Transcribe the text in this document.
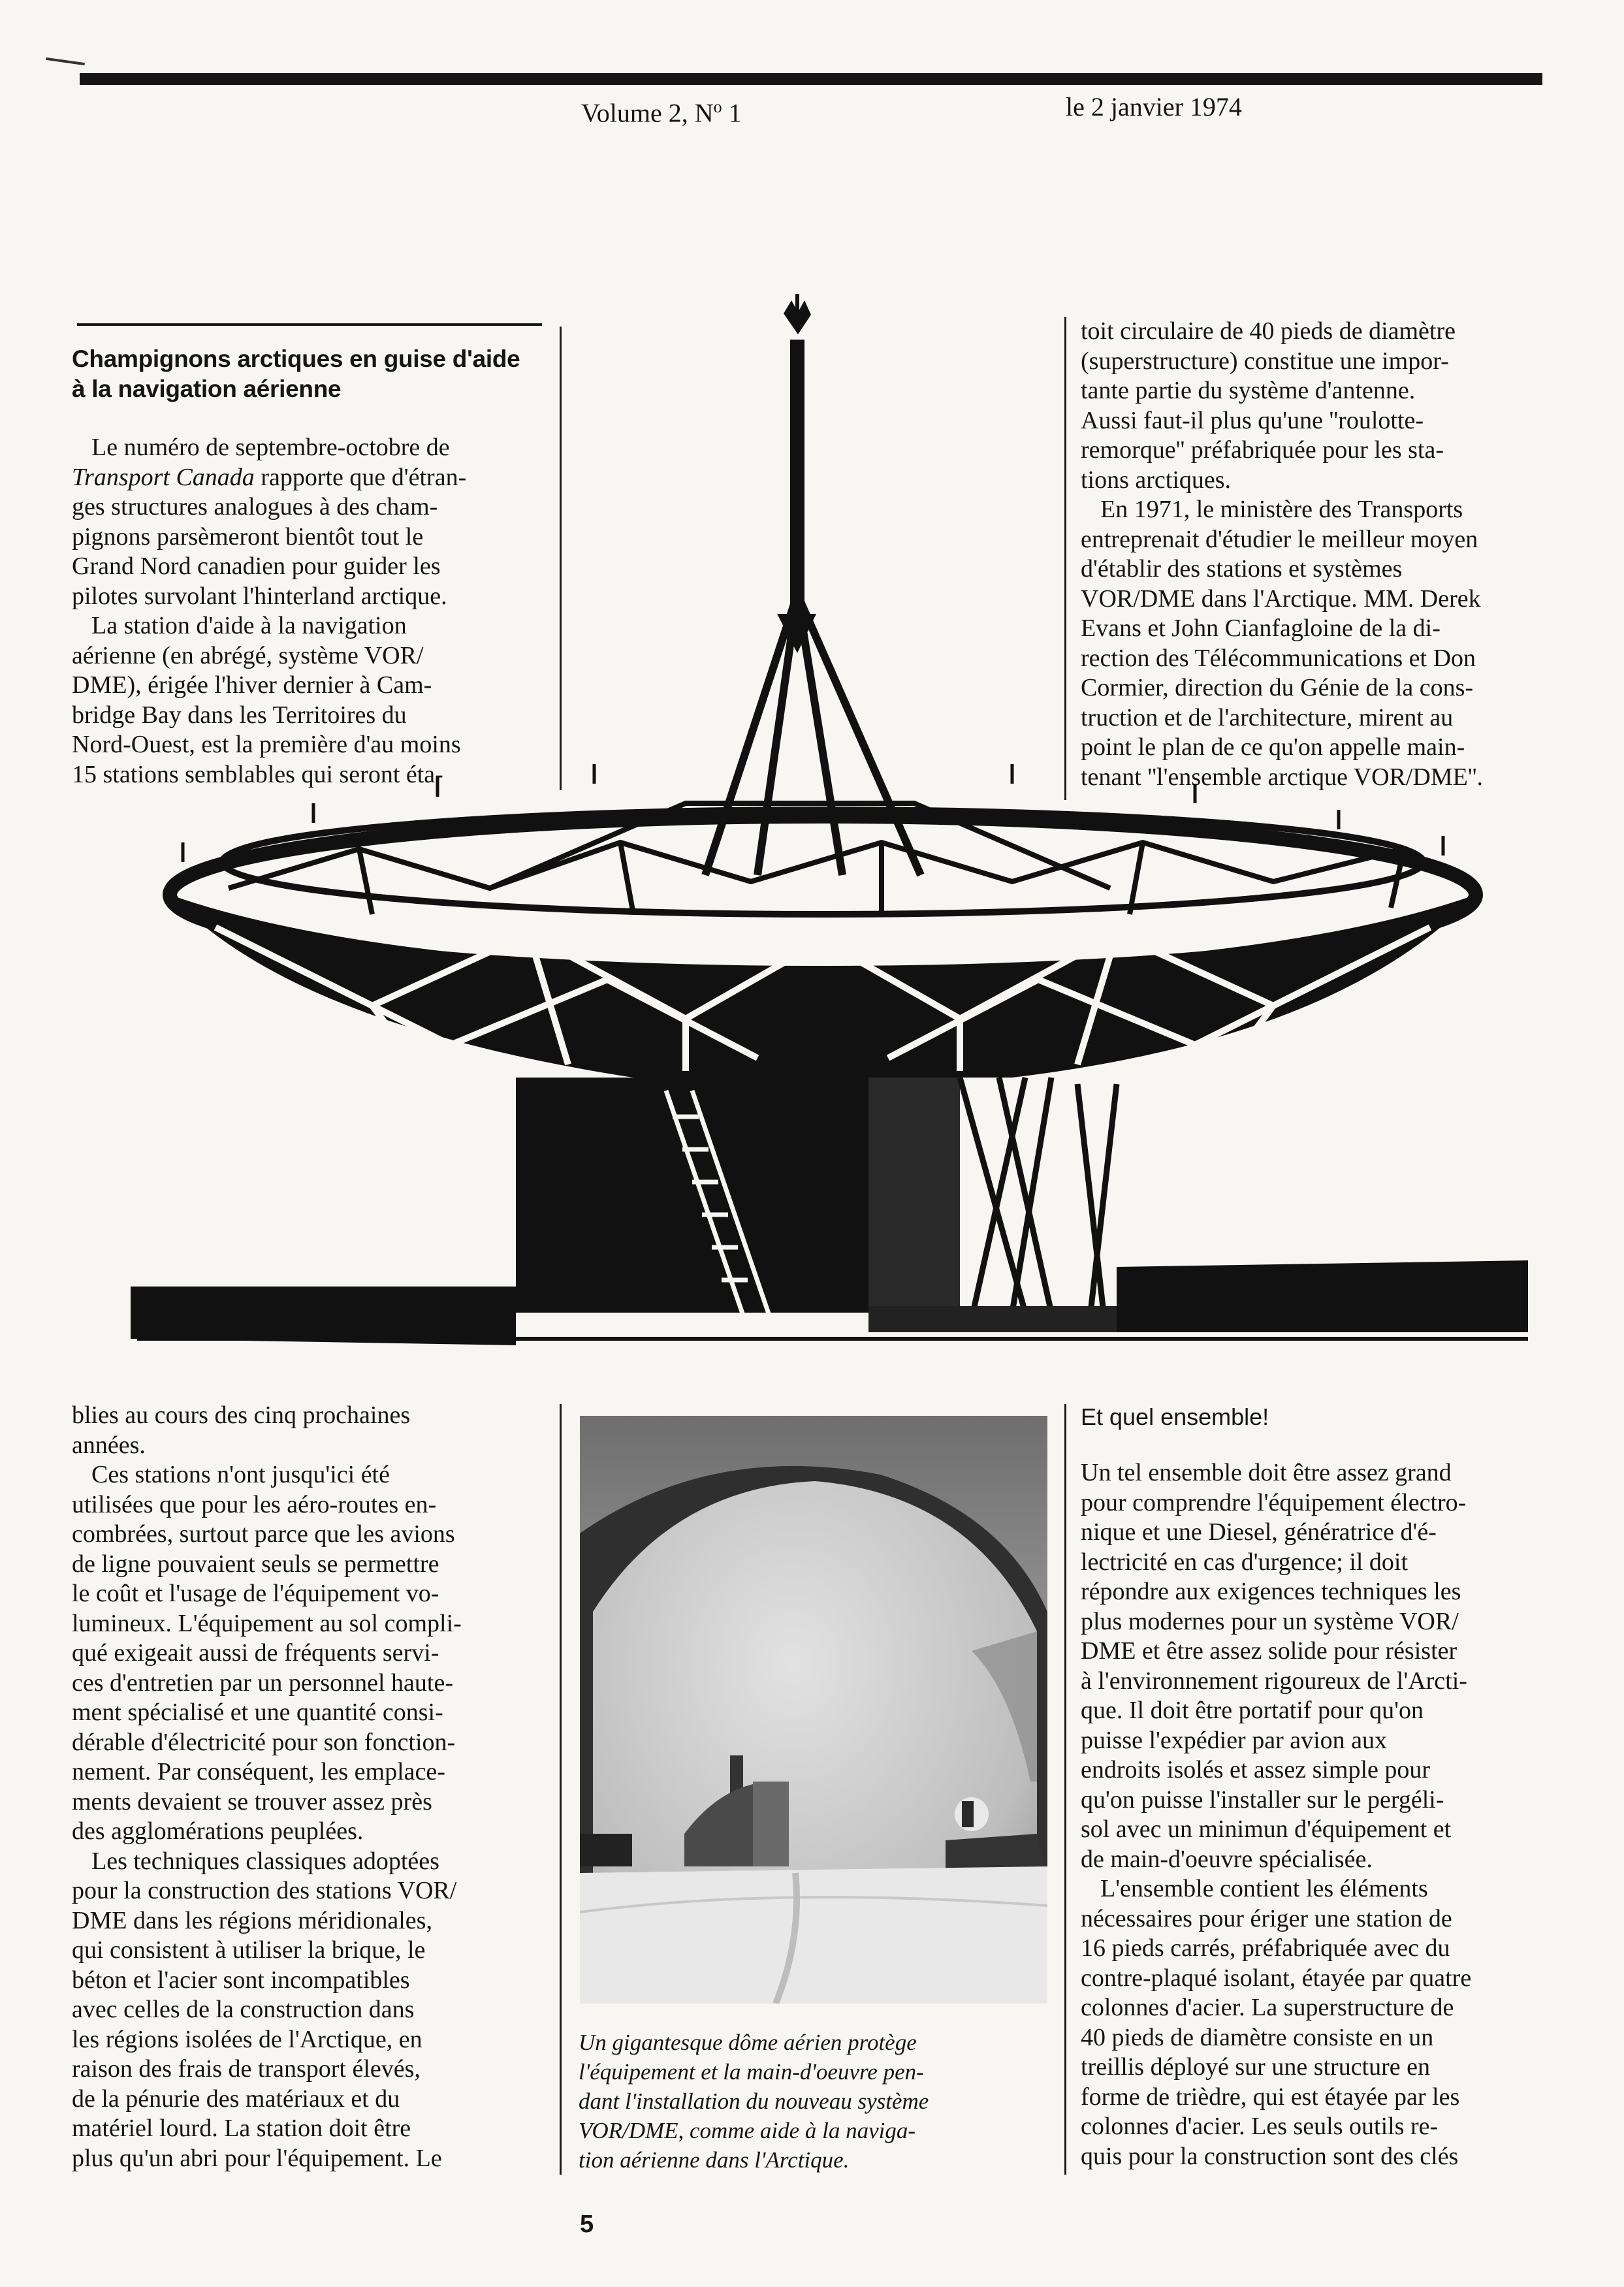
Volume 2, $N^o$ 1	le 2 janvier 1974
Champignons arctiques en guise d'aide
à la navigation aérienne

Le numéro de septembre-octobre de

Transport Canada rapporte que d'étran-

ges structures analogues à des cham-

pignons parsèmeront bientôt tout le

Grand Nord canadien pour guider les

pilotes survolant l'hinterland arctique.

La station d'aide à la navigation

aérienne (en abrégé, système VOR/

DME), érigée l'hiver dernier à Cam-

bridge Bay dans les Territoires du

Nord-Ouest, est la première d'au moins

15 stations semblables qui seront éta-

toit circulaire de 40 pieds de diamètre

(superstructure) constitue une impor-

tante partie du système d'antenne.

Aussi faut-il plus qu'une ''roulotte-

remorque'' préfabriquée pour les sta-

tions arctiques.

En 1971, le ministère des Transports

entreprenait d'étudier le meilleur moyen

d'établir des stations et systèmes

VOR/DME dans l'Arctique. MM. Derek

Evans et John Cianfagloine de la di-

rection des Télécommunications et Don

Cormier, direction du Génie de la cons-

truction et de l'architecture, mirent au

point le plan de ce qu'on appelle main-

tenant ''l'ensemble arctique VOR/DME''.

blies au cours des cinq prochaines

années.

Ces stations n'ont jusqu'ici été

utilisées que pour les aéro-routes en-

combrées, surtout parce que les avions

de ligne pouvaient seuls se permettre

le coût et l'usage de l'équipement vo-

lumineux. L'équipement au sol compli-

qué exigeait aussi de fréquents servi-

ces d'entretien par un personnel haute-

ment spécialisé et une quantité consi-

dérable d'électricité pour son fonction-

nement. Par conséquent, les emplace-

ments devaient se trouver assez près

des agglomérations peuplées.

Les techniques classiques adoptées

pour la construction des stations VOR/

DME dans les régions méridionales,

qui consistent à utiliser la brique, le

béton et l'acier sont incompatibles

avec celles de la construction dans

les régions isolées de l'Arctique, en

raison des frais de transport élevés,

de la pénurie des matériaux et du

matériel lourd. La station doit être

plus qu'un abri pour l'équipement. Le

Un gigantesque dôme aérien protège
l'équipement et la main-d'oeuvre pen-
dant l'installation du nouveau système
VOR/DME, comme aide à la naviga-
tion aérienne dans l'Arctique.
Et quel ensemble!

Un tel ensemble doit être assez grand

pour comprendre l'équipement électro-

nique et une Diesel, génératrice d'é-

lectricité en cas d'urgence; il doit

répondre aux exigences techniques les

plus modernes pour un système VOR/

DME et être assez solide pour résister

à l'environnement rigoureux de l'Arcti-

que. Il doit être portatif pour qu'on

puisse l'expédier par avion aux

endroits isolés et assez simple pour

qu'on puisse l'installer sur le pergéli-

sol avec un minimun d'équipement et

de main-d'oeuvre spécialisée.

L'ensemble contient les éléments

nécessaires pour ériger une station de

16 pieds carrés, préfabriquée avec du

contre-plaqué isolant, étayée par quatre

colonnes d'acier. La superstructure de

40 pieds de diamètre consiste en un

treillis déployé sur une structure en

forme de trièdre, qui est étayée par les

colonnes d'acier. Les seuls outils re-

quis pour la construction sont des clés

5
